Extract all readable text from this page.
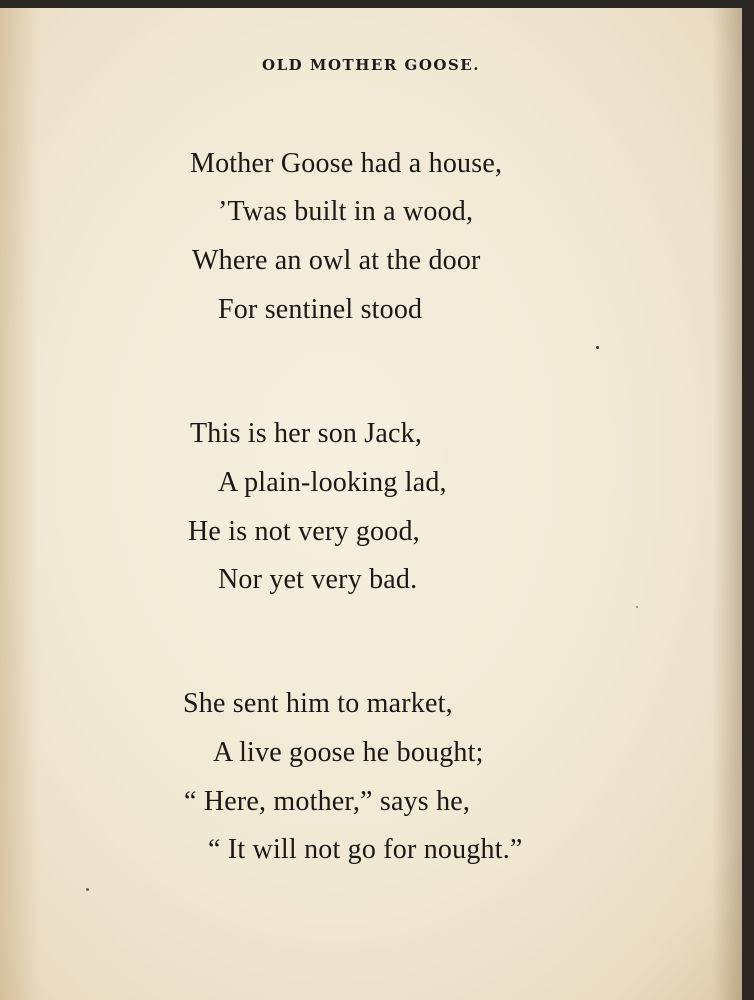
OLD MOTHER GOOSE.
Mother Goose had a house,
’Twas built in a wood,
Where an owl at the door
For sentinel stood
This is her son Jack,
A plain-looking lad,
He is not very good,
Nor yet very bad.
She sent him to market,
A live goose he bought;
“ Here, mother,” says he,
“ It will not go for nought.”
